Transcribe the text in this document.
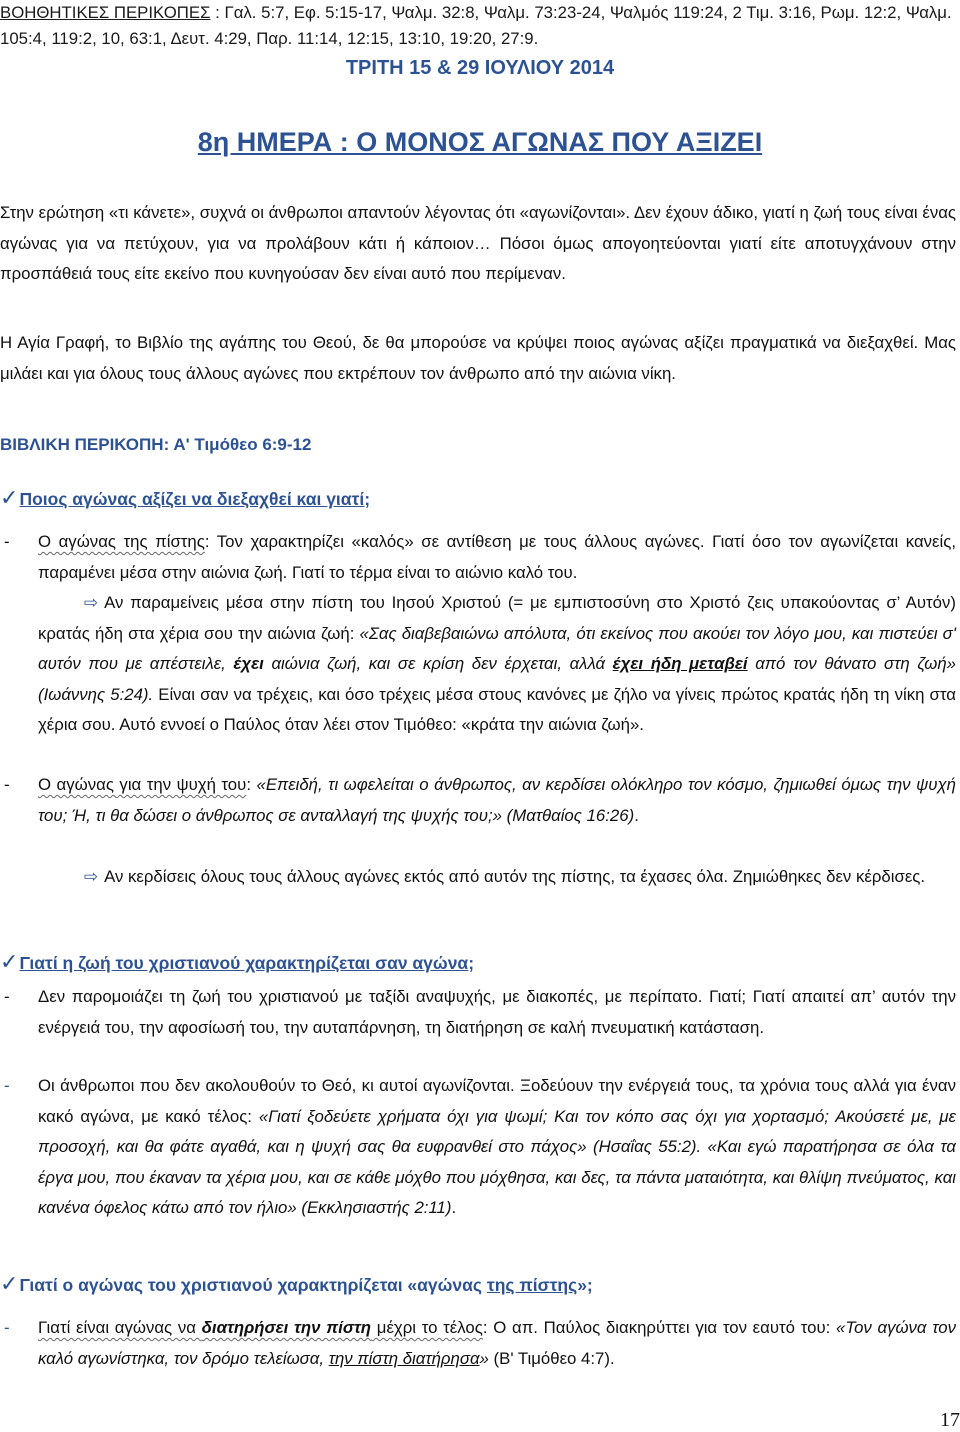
ΒΟΗΘΗΤΙΚΕΣ ΠΕΡΙΚΟΠΕΣ : Γαλ. 5:7, Εφ. 5:15-17, Ψαλμ. 32:8, Ψαλμ. 73:23-24, Ψαλμός 119:24, 2 Τιμ. 3:16, Ρωμ. 12:2, Ψαλμ. 105:4, 119:2, 10, 63:1, Δευτ. 4:29, Παρ. 11:14, 12:15, 13:10, 19:20, 27:9.
ΤΡΙΤΗ 15 & 29 ΙΟΥΛΙΟΥ 2014
8η ΗΜΕΡΑ : Ο ΜΟΝΟΣ ΑΓΩΝΑΣ ΠΟΥ ΑΞΙΖΕΙ
Στην ερώτηση «τι κάνετε», συχνά οι άνθρωποι απαντούν λέγοντας ότι «αγωνίζονται». Δεν έχουν άδικο, γιατί η ζωή τους είναι ένας αγώνας για να πετύχουν, για να προλάβουν κάτι ή κάποιον… Πόσοι όμως απογοητεύονται γιατί είτε αποτυγχάνουν στην προσπάθειά τους είτε εκείνο που κυνηγούσαν δεν είναι αυτό που περίμεναν.
Η Αγία Γραφή, το Βιβλίο της αγάπης του Θεού, δε θα μπορούσε να κρύψει ποιος αγώνας αξίζει πραγματικά να διεξαχθεί. Μας μιλάει και για όλους τους άλλους αγώνες που εκτρέπουν τον άνθρωπο από την αιώνια νίκη.
ΒΙΒΛΙΚΗ ΠΕΡΙΚΟΠΗ: Α' Τιμόθεο 6:9-12
✓Ποιος αγώνας αξίζει να διεξαχθεί και γιατί;
- Ο αγώνας της πίστης: Τον χαρακτηρίζει «καλός» σε αντίθεση με τους άλλους αγώνες. Γιατί όσο τον αγωνίζεται κανείς, παραμένει μέσα στην αιώνια ζωή. Γιατί το τέρμα είναι το αιώνιο καλό του.
⇨ Αν παραμείνεις μέσα στην πίστη του Ιησού Χριστού (= με εμπιστοσύνη στο Χριστό ζεις υπακούοντας σ’ Αυτόν) κρατάς ήδη στα χέρια σου την αιώνια ζωή: «Σας διαβεβαιώνω απόλυτα, ότι εκείνος που ακούει τον λόγο μου, και πιστεύει σ' αυτόν που με απέστειλε, έχει αιώνια ζωή, και σε κρίση δεν έρχεται, αλλά έχει ήδη μεταβεί από τον θάνατο στη ζωή» (Ιωάννης 5:24). Είναι σαν να τρέχεις, και όσο τρέχεις μέσα στους κανόνες με ζήλο να γίνεις πρώτος κρατάς ήδη τη νίκη στα χέρια σου. Αυτό εννοεί ο Παύλος όταν λέει στον Τιμόθεο: «κράτα την αιώνια ζωή».
- Ο αγώνας για την ψυχή του: «Επειδή, τι ωφελείται ο άνθρωπος, αν κερδίσει ολόκληρο τον κόσμο, ζημιωθεί όμως την ψυχή του; Ή, τι θα δώσει ο άνθρωπος σε ανταλλαγή της ψυχής του;» (Ματθαίος 16:26).
⇨ Αν κερδίσεις όλους τους άλλους αγώνες εκτός από αυτόν της πίστης, τα έχασες όλα. Ζημιώθηκες δεν κέρδισες.
✓Γιατί η ζωή του χριστιανού χαρακτηρίζεται σαν αγώνα;
- Δεν παρομοιάζει τη ζωή του χριστιανού με ταξίδι αναψυχής, με διακοπές, με περίπατο. Γιατί; Γιατί απαιτεί απ’ αυτόν την ενέργειά του, την αφοσίωσή του, την αυταπάρνηση, τη διατήρηση σε καλή πνευματική κατάσταση.
- Οι άνθρωποι που δεν ακολουθούν το Θεό, κι αυτοί αγωνίζονται. Ξοδεύουν την ενέργειά τους, τα χρόνια τους αλλά για έναν κακό αγώνα, με κακό τέλος: «Γιατί ξοδεύετε χρήματα όχι για ψωμί; Και τον κόπο σας όχι για χορτασμό; Ακούσετέ με, με προσοχή, και θα φάτε αγαθά, και η ψυχή σας θα ευφρανθεί στο πάχος» (Ησαΐας 55:2). «Και εγώ παρατήρησα σε όλα τα έργα μου, που έκαναν τα χέρια μου, και σε κάθε μόχθο που μόχθησα, και δες, τα πάντα ματαιότητα, και θλίψη πνεύματος, και κανένα όφελος κάτω από τον ήλιο» (Εκκλησιαστής 2:11).
✓Γιατί ο αγώνας του χριστιανού χαρακτηρίζεται «αγώνας της πίστης»;
- Γιατί είναι αγώνας να διατηρήσει την πίστη μέχρι το τέλος: Ο απ. Παύλος διακηρύττει για τον εαυτό του: «Τον αγώνα τον καλό αγωνίστηκα, τον δρόμο τελείωσα, την πίστη διατήρησα» (Β' Τιμόθεο 4:7).
17
